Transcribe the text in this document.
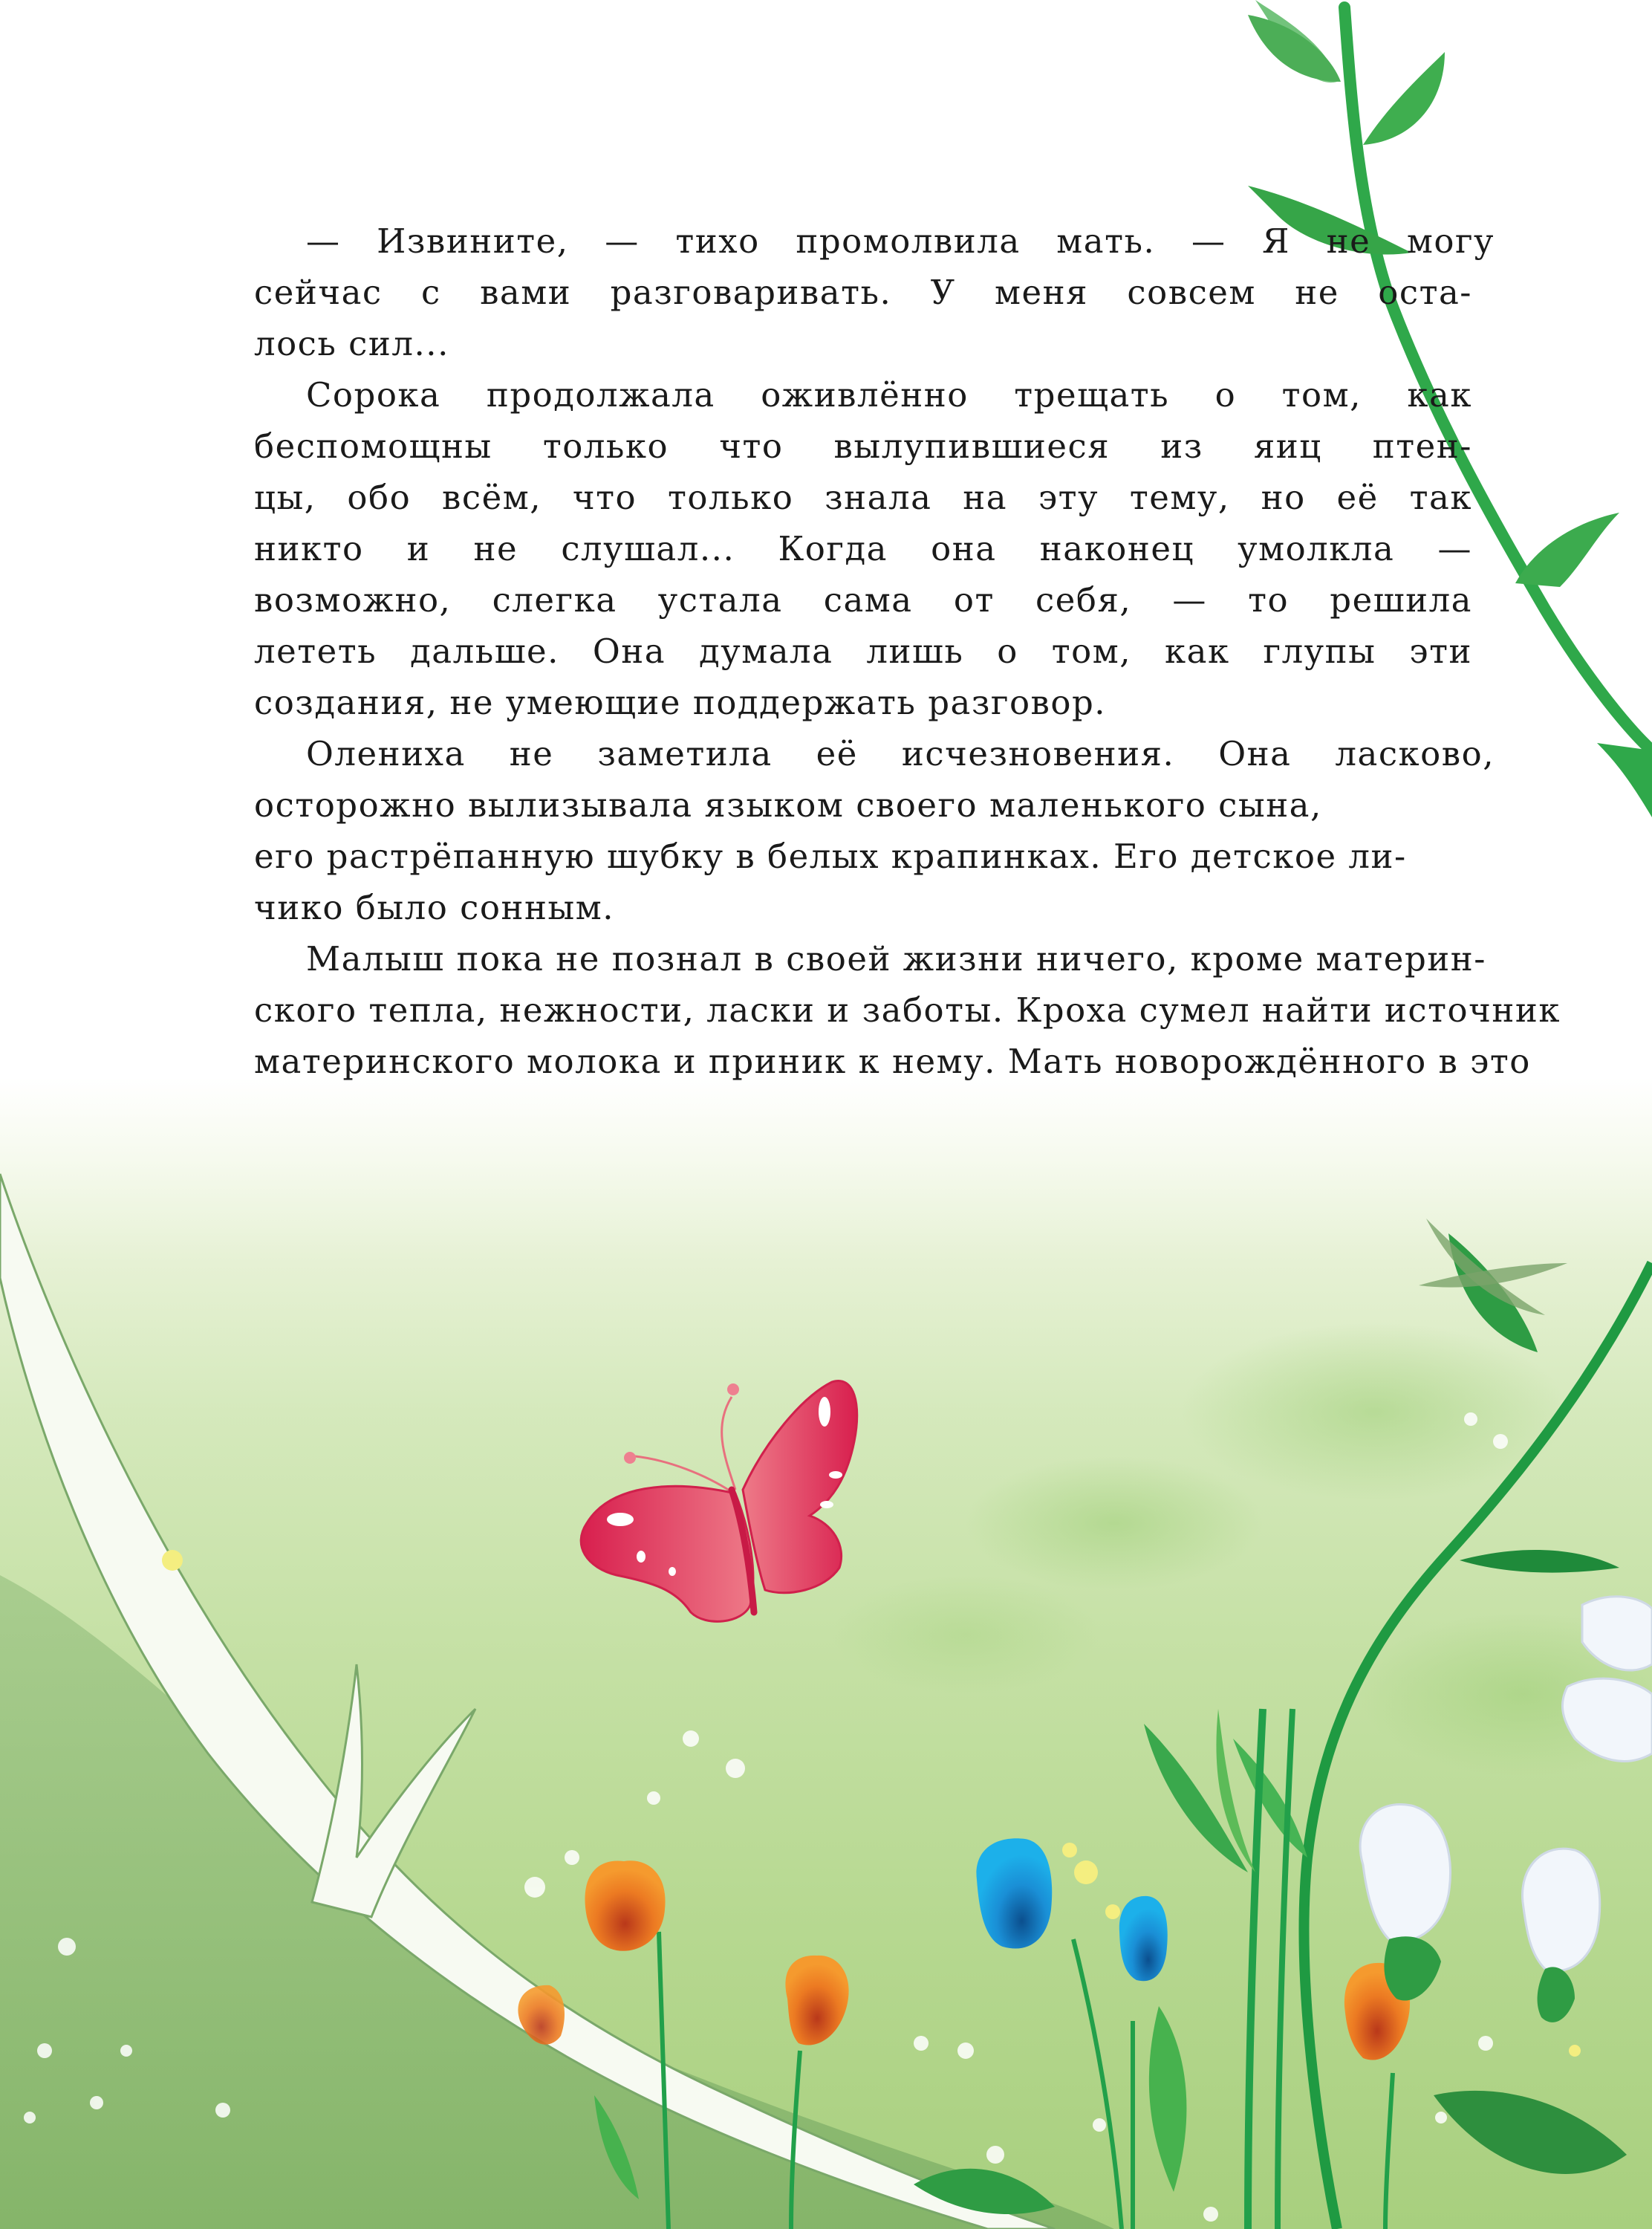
— Извините, — тихо промолвила мать. — Я не могу
сейчас с вами разговаривать. У меня совсем не оста-
лось сил...
Сорока продолжала оживлённо трещать о том, как
беспомощны только что вылупившиеся из яиц птен-
цы, обо всём, что только знала на эту тему, но её так
никто и не слушал... Когда она наконец умолкла —
возможно, слегка устала сама от себя, — то решила
лететь дальше. Она думала лишь о том, как глупы эти
создания, не умеющие поддержать разговор.
Олениха не заметила её исчезновения. Она ласково,
осторожно вылизывала языком своего маленького сына,
его растрёпанную шубку в белых крапинках. Его детское ли-
чико было сонным.
Малыш пока не познал в своей жизни ничего, кроме материн-
ского тепла, нежности, ласки и заботы. Кроха сумел найти источник
материнского молока и приник к нему. Мать новорождённого в это
